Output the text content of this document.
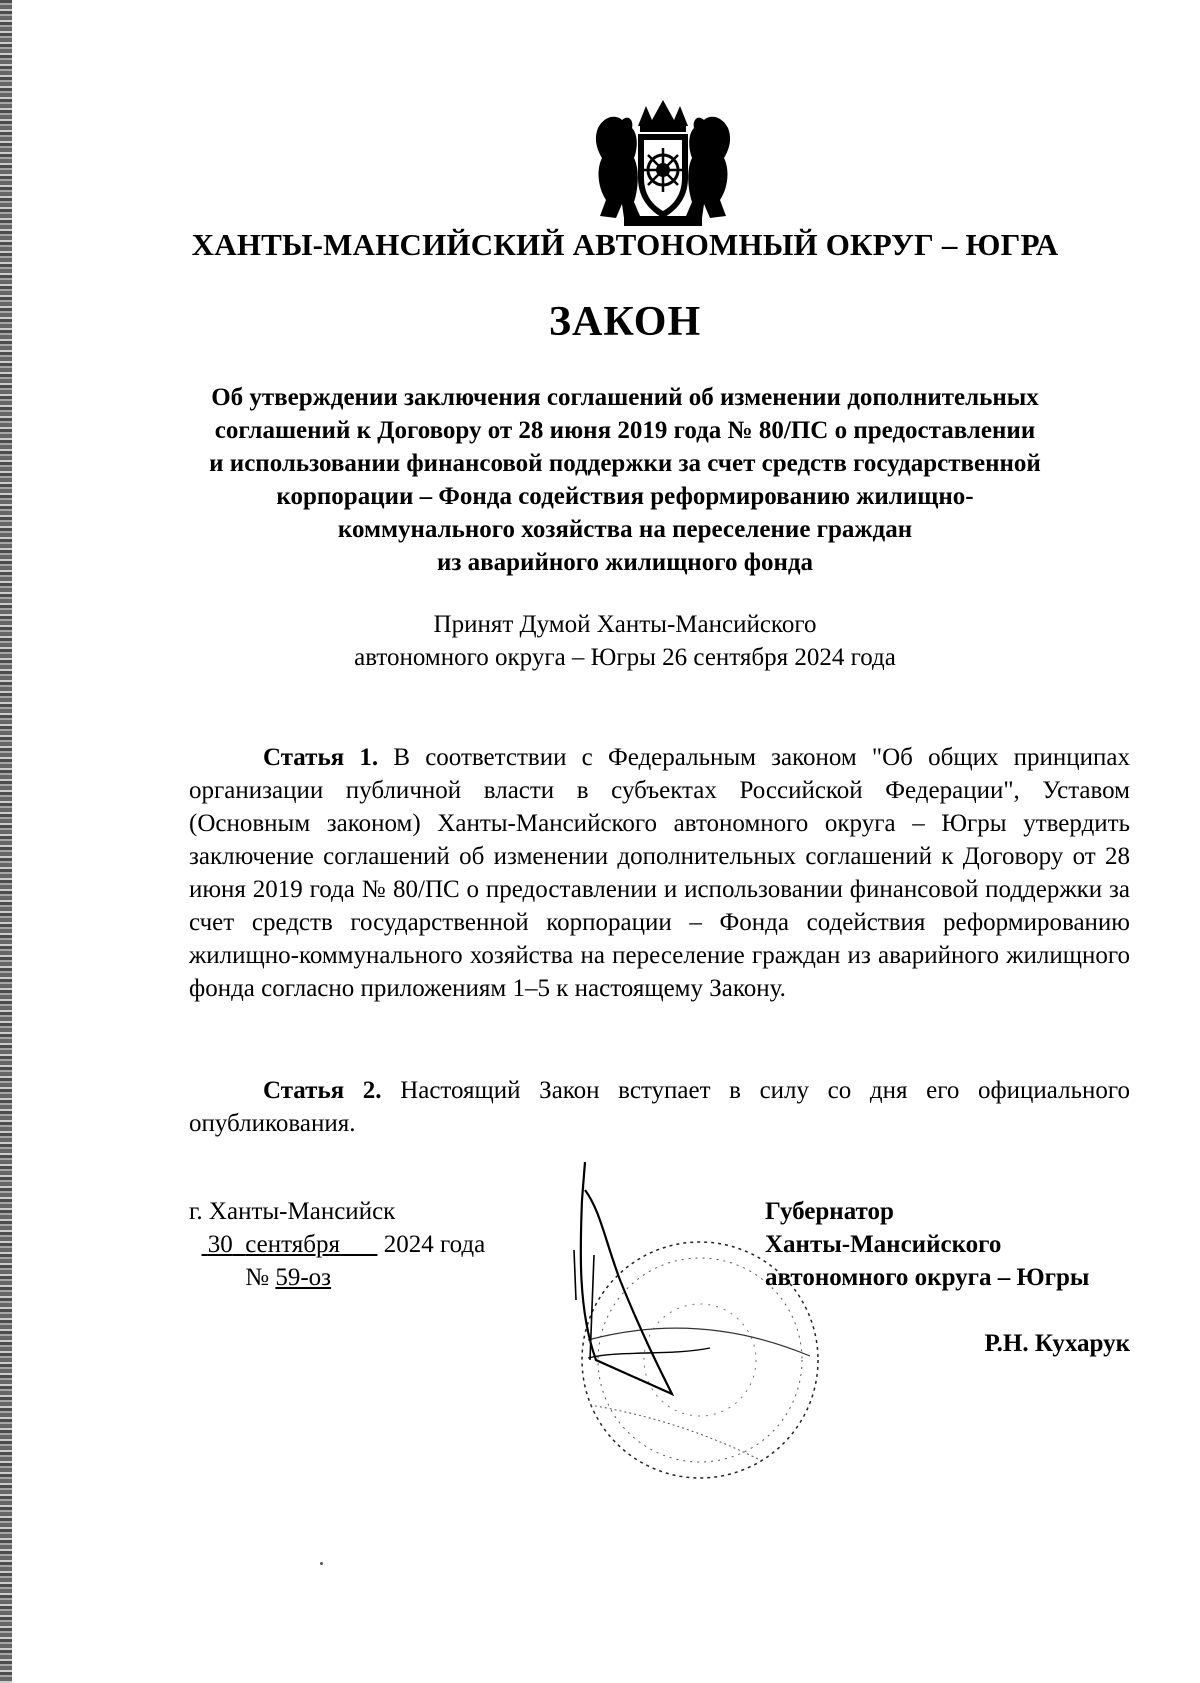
ХАНТЫ-МАНСИЙСКИЙ АВТОНОМНЫЙ ОКРУГ – ЮГРА
ЗАКОН
Об утверждении заключения соглашений об изменении дополнительных
соглашений к Договору от 28 июня 2019 года № 80/ПС о предоставлении
и использовании финансовой поддержки за счет средств государственной
корпорации – Фонда содействия реформированию жилищно-
коммунального хозяйства на переселение граждан
из аварийного жилищного фонда
Принят Думой Ханты-Мансийского
автономного округа – Югры 26 сентября 2024 года

Статья 1. В соответствии с Федеральным законом "Об общих принципах организации публичной власти в субъектах Российской Федерации", Уставом (Основным законом) Ханты-Мансийского автономного округа – Югры утвердить заключение соглашений об изменении дополнительных соглашений к Договору от 28 июня 2019 года № 80/ПС о предоставлении и использовании финансовой поддержки за счет средств государственной корпорации – Фонда содействия реформированию жилищно-коммунального хозяйства на переселение граждан из аварийного жилищного фонда согласно приложениям 1–5 к настоящему Закону.

Статья 2. Настоящий Закон вступает в силу со дня его официального опубликования.

г. Ханты-Мансийск
30 сентября 2024 года
№ 59-оз
Губернатор
Ханты-Мансийского
автономного округа – Югры
Р.Н. Кухарук
